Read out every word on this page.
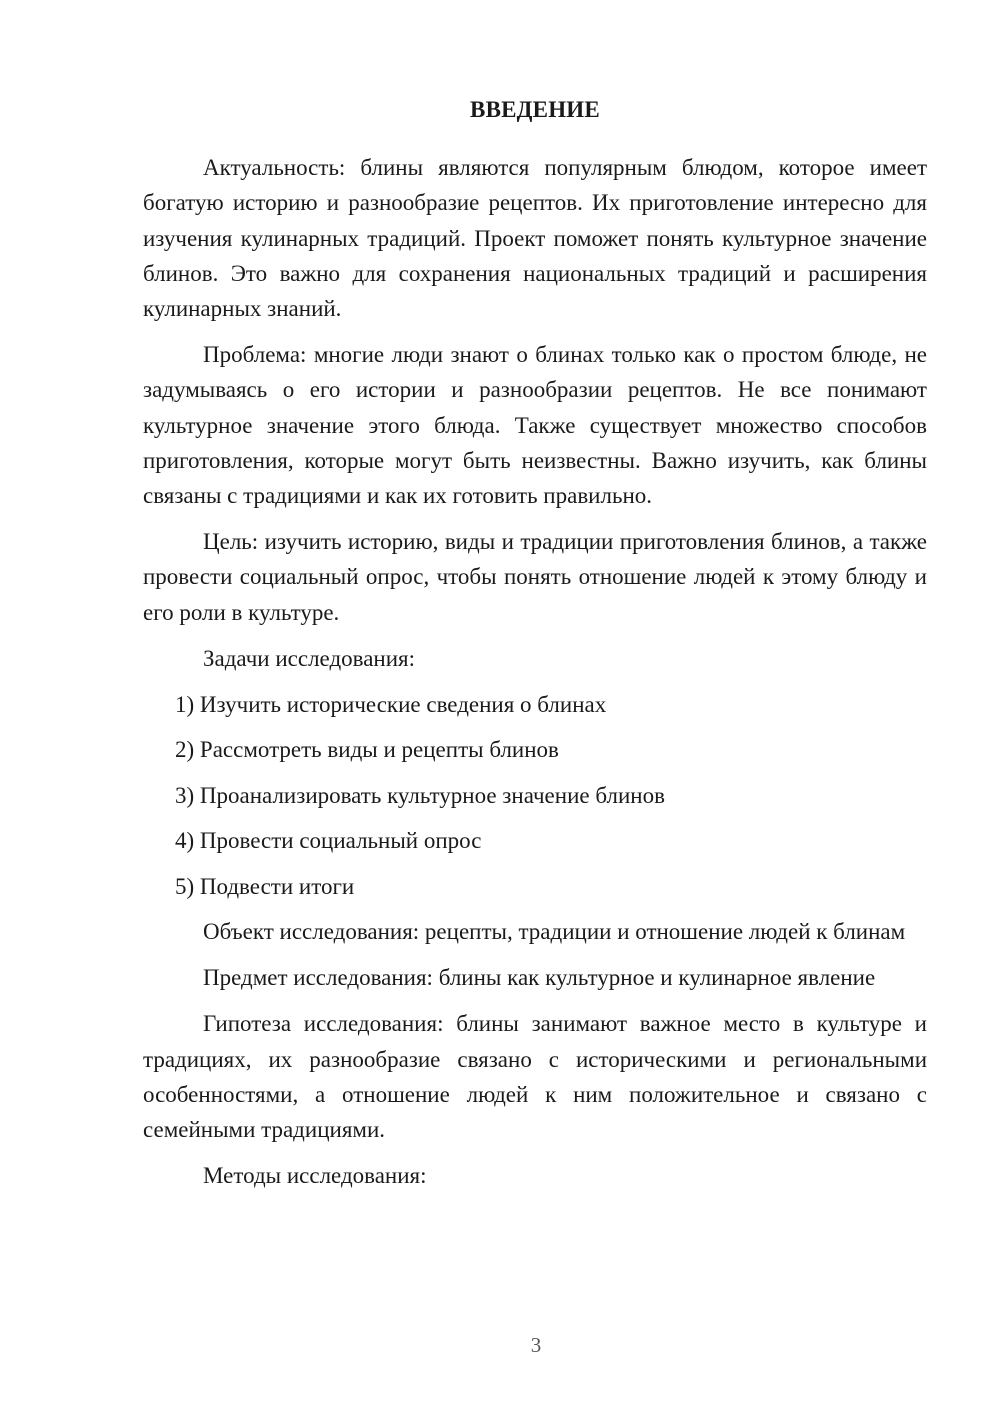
ВВЕДЕНИЕ

Актуальность: блины являются популярным блюдом, которое имеет богатую историю и разнообразие рецептов. Их приготовление интересно для изучения кулинарных традиций. Проект поможет понять культурное значение блинов. Это важно для сохранения национальных традиций и расширения кулинарных знаний.

Проблема: многие люди знают о блинах только как о простом блюде, не задумываясь о его истории и разнообразии рецептов. Не все понимают культурное значение этого блюда. Также существует множество способов приготовления, которые могут быть неизвестны. Важно изучить, как блины связаны с традициями и как их готовить правильно.

Цель: изучить историю, виды и традиции приготовления блинов, а также провести социальный опрос, чтобы понять отношение людей к этому блюду и его роли в культуре.

Задачи исследования:

1) Изучить исторические сведения о блинах
2) Рассмотреть виды и рецепты блинов
3) Проанализировать культурное значение блинов
4) Провести социальный опрос
5) Подвести итоги

Объект исследования: рецепты, традиции и отношение людей к блинам

Предмет исследования: блины как культурное и кулинарное явление

Гипотеза исследования: блины занимают важное место в культуре и традициях, их разнообразие связано с историческими и региональными особенностями, а отношение людей к ним положительное и связано с семейными традициями.

Методы исследования:

3
